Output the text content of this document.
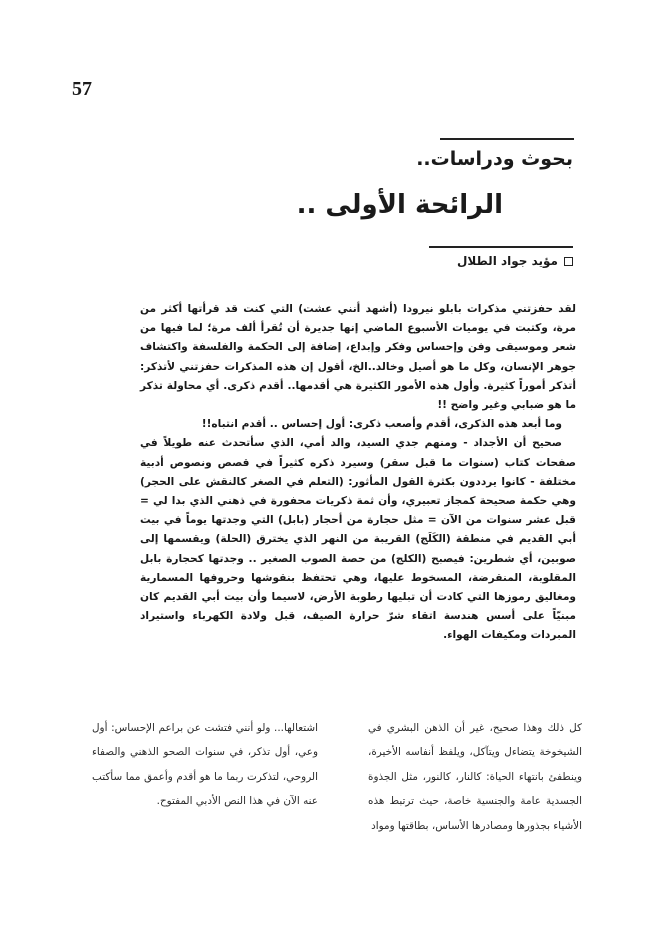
57
بحوث ودراسات..
الرائحة الأولى ..
مؤيد جواد الطلال

لقد حفزتني مذكرات بابلو نيرودا (أشهد أنني عشت) التي كنت قد قرأتها أكثر من مرة، وكتبت في يوميات الأسبوع الماضي إنها جديرة أن تُقرأ ألف مرة؛ لما فيها من شعر وموسيقى وفن وإحساس وفكر وإبداع، إضافة إلى الحكمة والفلسفة واكتشاف جوهر الإنسان، وكل ما هو أصيل وخالد..الخ، أقول إن هذه المذكرات حفزتني لأتذكر: أتذكر أموراً كثيرة. وأول هذه الأمور الكثيرة هي أقدمها.. أقدم ذكرى. أي محاولة تذكر ما هو ضبابي وغير واضح !!

وما أبعد هذه الذكرى، أقدم وأصعب ذكرى: أول إحساس .. أقدم انتباه!!

صحيح أن الأجداد - ومنهم جدي السيد، والد أمي، الذي سأتحدث عنه طويلاً في صفحات كتاب (سنوات ما قبل سقر) وسيرد ذكره كثيراً في قصص ونصوص أدبية مختلفة - كانوا يرددون بكثرة القول المأثور: (التعلم في الصغر كالنقش على الحجر) وهي حكمة صحيحة كمجاز تعبيري، وأن ثمة ذكريات محفورة في ذهني الذي بدا لي = قبل عشر سنوات من الآن = مثل حجارة من أحجار (بابل) التي وجدتها يوماً في بيت أبي القديم في منطقة (الكَلَج) القريبة من النهر الذي يخترق (الحلة) ويقسمها إلى صوبين، أي شطرين: فيصبح (الكلج) من حصة الصوب الصغير .. وجدتها كحجارة بابل المقلوبة، المنقرضة، المسخوط عليها، وهي تحتفظ بنقوشها وحروفها المسمارية ومغاليق رموزها التي كادت أن تبليها رطوبة الأرض، لاسيما وأن بيت أبي القديم كان مبنيّاً على أسس هندسة اتقاء شرّ حرارة الصيف، قبل ولادة الكهرباء واستيراد المبردات ومكيفات الهواء.

كل ذلك وهذا صحيح، غير أن الذهن البشري في الشيخوخة يتضاءل ويتآكل، ويلفظ أنفاسه الأخيرة، وينطفئ بانتهاء الحياة: كالنار، كالنور، مثل الجذوة الجسدية عامة والجنسية خاصة، حيث ترتبط هذه الأشياء بجذورها ومصادرها الأساس، بطاقتها ومواد

اشتعالها... ولو أنني فتشت عن براعم الإحساس: أول وعي، أول تذكر، في سنوات الصحو الذهني والصفاء الروحي، لتذكرت ربما ما هو أقدم وأعمق مما سأكتب عنه الآن في هذا النص الأدبي المفتوح.
